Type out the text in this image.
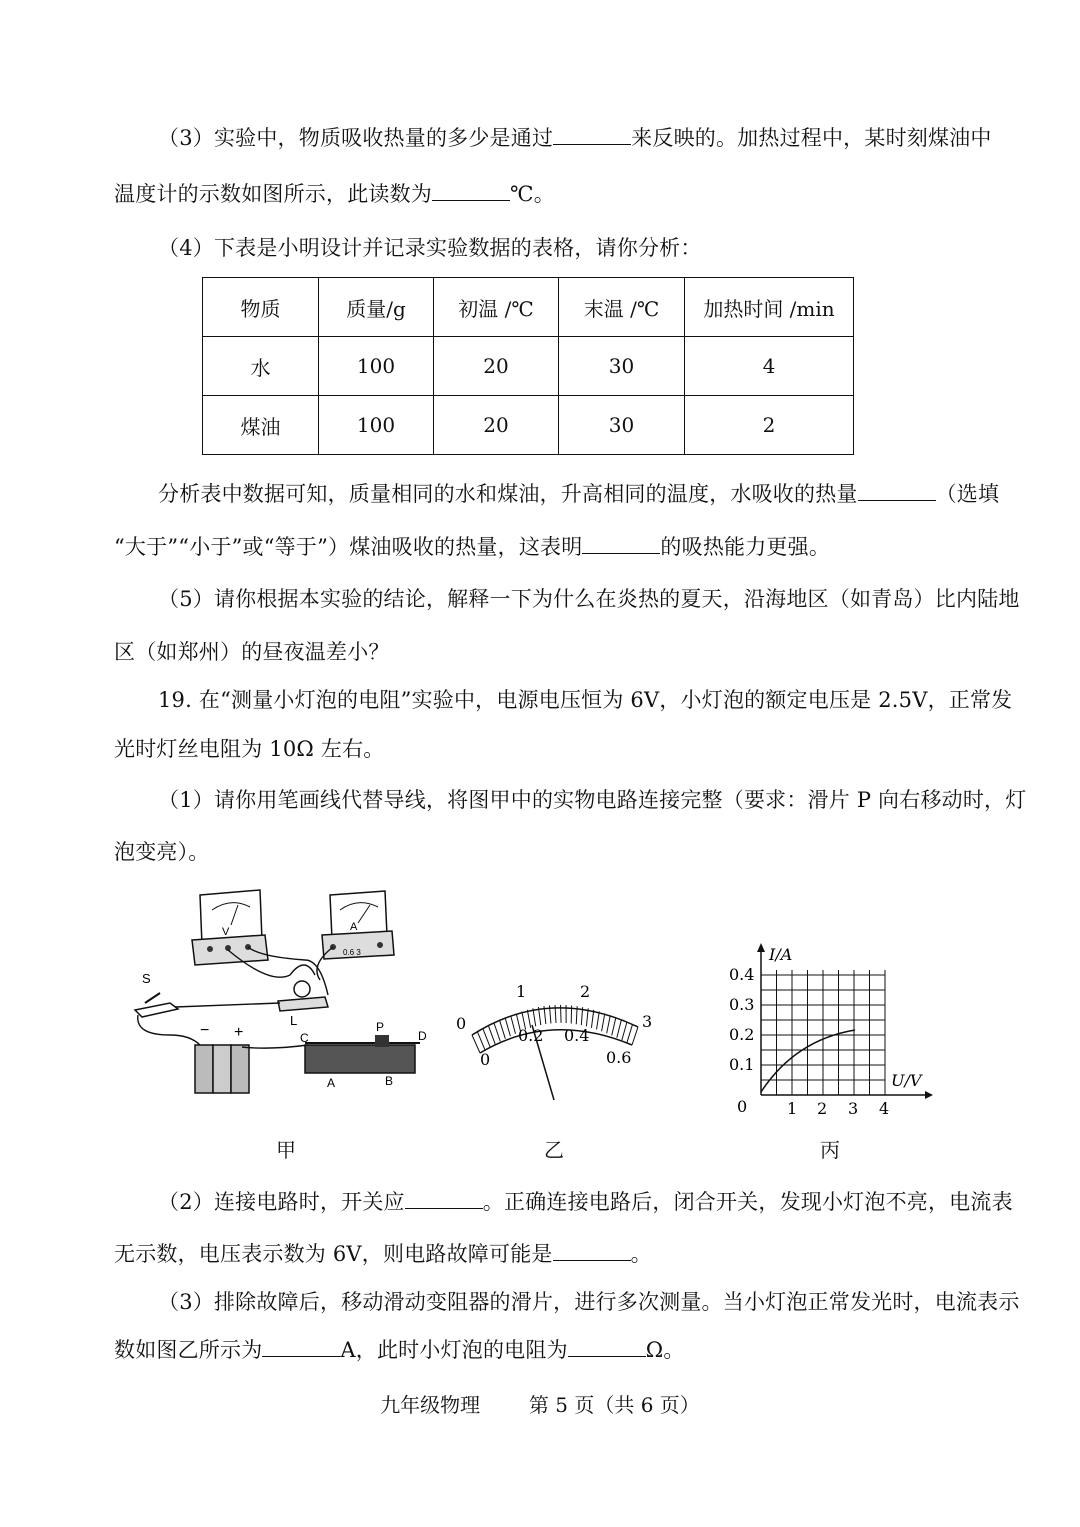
（3）实验中，物质吸收热量的多少是通过	来反映的。加热过程中，某时刻煤油中
温度计的示数如图所示，此读数为	℃。
（4）下表是小明设计并记录实验数据的表格，请你分析：
物质	质量/g	初温 /℃	末温 /℃	加热时间 /min
水	100	20	30	4
煤油	100	20	30	2
分析表中数据可知，质量相同的水和煤油，升高相同的温度，水吸收的热量	（选填
“大于”“小于”或“等于”）煤油吸收的热量，这表明	的吸热能力更强。
（5）请你根据本实验的结论，解释一下为什么在炎热的夏天，沿海地区（如青岛）比内陆地
区（如郑州）的昼夜温差小？
19. 在“测量小灯泡的电阻”实验中，电源电压恒为 6V，小灯泡的额定电压是 2.5V，正常发
光时灯丝电阻为 10Ω 左右。
（1）请你用笔画线代替导线，将图甲中的实物电路连接完整（要求：滑片 P 向右移动时，灯
泡变亮）。
V	A
0.6 3
S
L
− +	C
P
D
A	B
甲
0
1	2
3
0
0.2 0.4
0.6
乙
I/A
U/V
0
0.1
0.2
0.3
0.4
1 2 3 4
丙
（2）连接电路时，开关应	。正确连接电路后，闭合开关，发现小灯泡不亮，电流表
无示数，电压表示数为 6V，则电路故障可能是	。
（3）排除故障后，移动滑动变阻器的滑片，进行多次测量。当小灯泡正常发光时，电流表示
数如图乙所示为	A，此时小灯泡的电阻为	Ω。
九年级物理 第 5 页（共 6 页）
